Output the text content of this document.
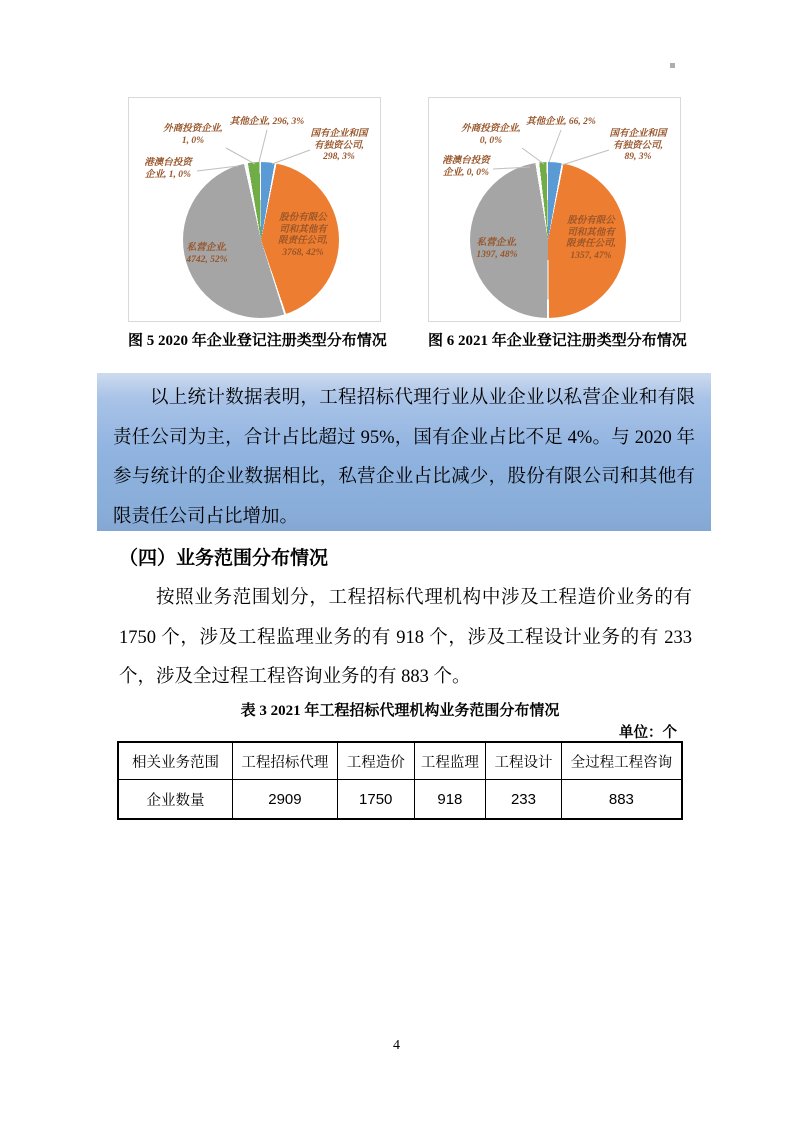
外商投资企业,
1, 0%
其他企业, 296, 3%
国有企业和国
有独资公司,
298, 3%
港澳台投资
企业, 1, 0%
私营企业,
4742, 52%
股份有限公
司和其他有
限责任公司,
3768, 42%
图 5 2020 年企业登记注册类型分布情况
外商投资企业,
0, 0%
其他企业, 66, 2%
国有企业和国
有独资公司,
89, 3%
港澳台投资
企业, 0, 0%
私营企业,
1397, 48%
股份有限公
司和其他有
限责任公司,
1357, 47%
图 6 2021 年企业登记注册类型分布情况

以上统计数据表明，工程招标代理行业从业企业以私营企业和有限责任公司为主，合计占比超过 95%，国有企业占比不足 4%。与 2020 年参与统计的企业数据相比，私营企业占比减少，股份有限公司和其他有限责任公司占比增加。

（四）业务范围分布情况

按照业务范围划分，工程招标代理机构中涉及工程造价业务的有 1750 个，涉及工程监理业务的有 918 个，涉及工程设计业务的有 233 个，涉及全过程工程咨询业务的有 883 个。

表 3 2021 年工程招标代理机构业务范围分布情况
单位：个
相关业务范围	工程招标代理	工程造价	工程监理	工程设计	全过程工程咨询
企业数量	2909	1750	918	233	883
4
